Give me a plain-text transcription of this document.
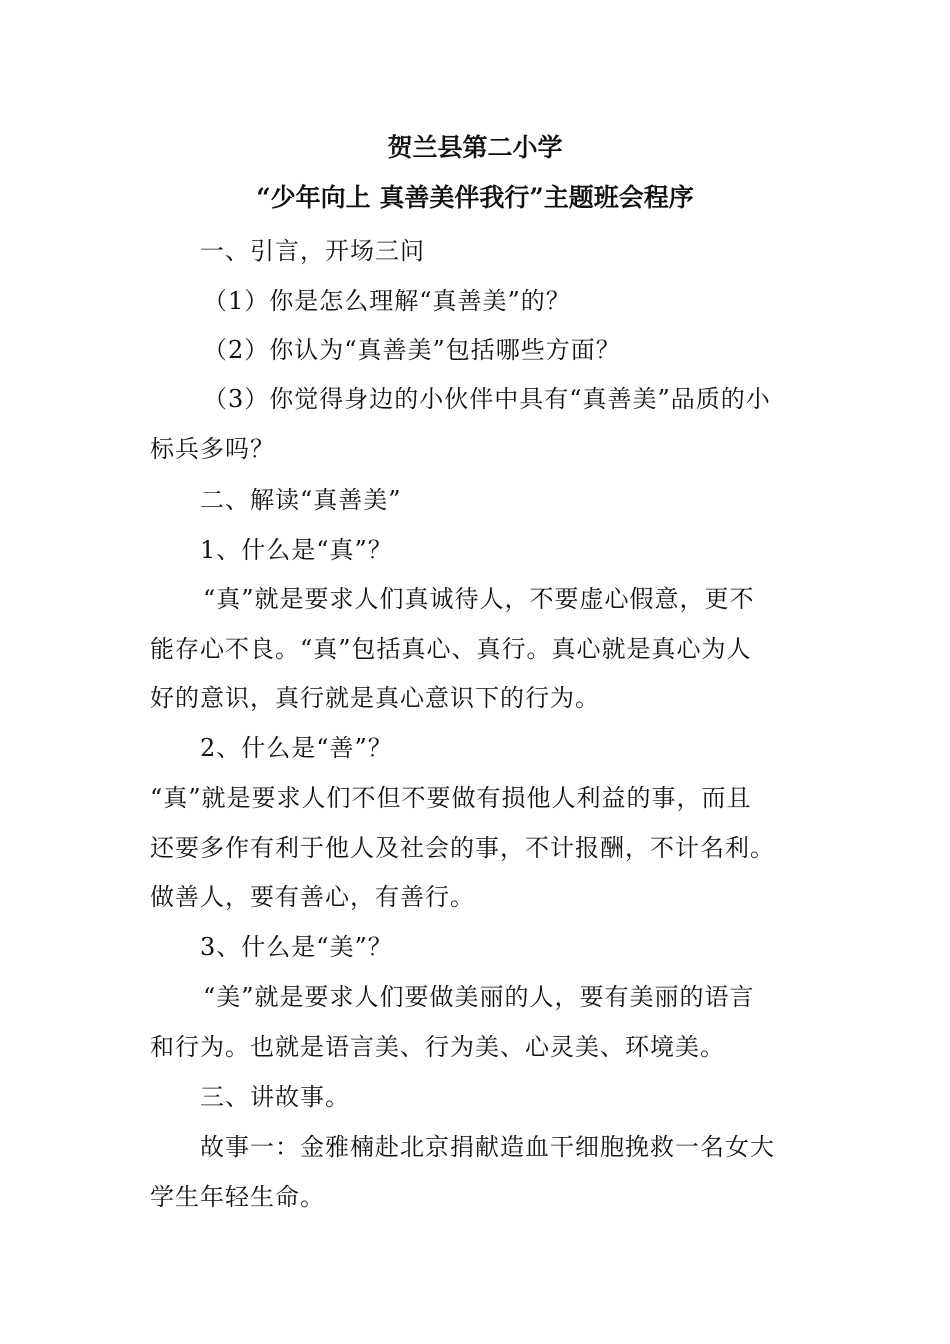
贺兰县第二小学
“少年向上 真善美伴我行”主题班会程序
一、引言，开场三问
（1）你是怎么理解“真善美”的？
（2）你认为“真善美”包括哪些方面？
（3）你觉得身边的小伙伴中具有“真善美”品质的小
标兵多吗？
二、解读“真善美”
1、什么是“真”？
“真”就是要求人们真诚待人，不要虚心假意，更不
能存心不良。“真”包括真心、真行。真心就是真心为人
好的意识，真行就是真心意识下的行为。
2、什么是“善”？
“真”就是要求人们不但不要做有损他人利益的事，而且
还要多作有利于他人及社会的事，不计报酬，不计名利。
做善人，要有善心，有善行。
3、什么是“美”？
“美”就是要求人们要做美丽的人，要有美丽的语言
和行为。也就是语言美、行为美、心灵美、环境美。
三、讲故事。
故事一：金雅楠赴北京捐献造血干细胞挽救一名女大
学生年轻生命。
